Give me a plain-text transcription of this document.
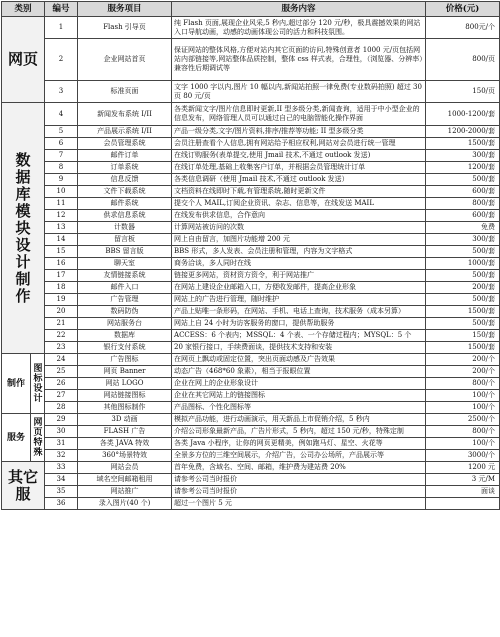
类别		编号	服务项目	服务内容	价格(元)
网页		1	Flash 引导页	纯 Flash 页面,展现企业风采,5 秒内,超过部分 120 元/秒，极具震撼效果的网站入口导航动画，动感的动画体现公司的活力和科技氛围。	800元/个
		2	企业网站首页	保证网站的整体风格,方便对站内其它页面的访问,特殊创意者 1000 元/页包括网站内部链接等,网站整体品质控制，整体 css 样式表，合理性，（浏览器、分辨率）兼容性后期调试等	800/页
		3	标准页面	文字 1000 字以内,图片 10 幅以内,新闻站拍照一律免费(专业数码拍照) 超过 30 页 80 元/页	150/页

数据库模块设计制作		4	新闻发布系统 I/II	各类新闻文字/图片信息即时更新,II 型多级分类,新闻查询，适用于中小型企业的信息发布，网络管理人员可以通过自己的电脑智能化操作界面	1000-1200/套
		5	产品展示系统 I/II	产品一级分类,文字/图片资料,排序/推荐等功能; II 型多级分类	1200-2000/套
		6	会员管理系统	会员注册查看个人信息,拥有网站给予相应权利,网站对会员进行统一管理	1500/套
		7	邮件订单	在线订购服务(表单提交,使用 Jmail 技术,不通过 outlook 发送)	300/套
		8	订单系统	在线订单处理,基础上收集客户订单，并根据会员管理统计订单	1200/套
		9	信息反馈	各类信息调研（使用 Jmail 技术,不通过 outlook 发送）	500/套
		10	文件下载系统	文档资料在线即时下载,有管理系统,随时更新文件	600/套
		11	邮件系统	提交个人 MAIL,订阅企业资讯、杂志、信息等，在线发送 MAIL	800/套
		12	供求信息系统	在线发布供求信息，合作意向	600/套
		13	计数器	计算网站被访问的次数	免费
		14	留言板	网上自由留言，加图片功能增 200 元	300/套
		15	BBS 留言版	BBS 形式，多人发表、会员注册和管理，内容为文字格式	500/套
		16	聊天室	商务洽谈，多人同时在线	1000/套
		17	友情链接系统	链接更多网站，资材资方资令，利于网站推广	500/套
		18	邮件入口	在网站上建设企业邮箱入口，方便收发邮件，提高企业形象	200/套
		19	广告管理	网站上的广告进行管理，随时维护	500/套
		20	数码防伪	产品上贴唯一条形码，在网站、手机、电话上查询，技术服务（成本另算）	1500/套
		21	网站服务台	网站上自 24 小时为访客服务的窗口，提供帮助服务	500/套
		22	数据库	ACCESS：6 个表内；MSSQL：4 个表、一个存储过程内；MYSQL：5 个	150/套
		23	银行支付系统	20 家银行接口，手续费面谈，提供技术支持和安装	1500/套
制作	图标设计	24	广告图标	在网页上飘动或固定位置，突出页面动感及广告效果	200/个
		25	网页 Banner	动态广告（468*60 象素），相当于报眼位置	200/个
		26	网站 LOGO	企业在网上的企业形象设计	800/个
		27	网站链接图标	企业在其它网站上的链接图标	100/个
		28	其他图标制作	产品图标、个性化图标等	100/个
服务	网页特殊	29	3D 动画	模拟产品功能，进行动画演示，用天新品上市促销介绍，5 秒内	2500/个
		30	FLASH 广告	介绍公司形象最新产品，广告片形式，5 秒内，超过 150 元/秒，特殊定制	800/个
		31	各类 JAVA 特效	各类 Java 小程序，让你的网页更精美，例如跑马灯、星空、火花等	100/个
		32	360°场景特效	全景多方位的三维空间展示，介绍广告，公司办公场所，产品展示等	3000/个
其它服		33	网站会员	首年免费，含域名、空间、邮箱，维护费为建站费 20%	1200 元
		34	域名空间邮箱租用	请参考公司当时报价	3 元/M
		35	网站推广	请参考公司当时报价	面谈
		36	录入图片(40 个)	超过一个图片 5 元	
